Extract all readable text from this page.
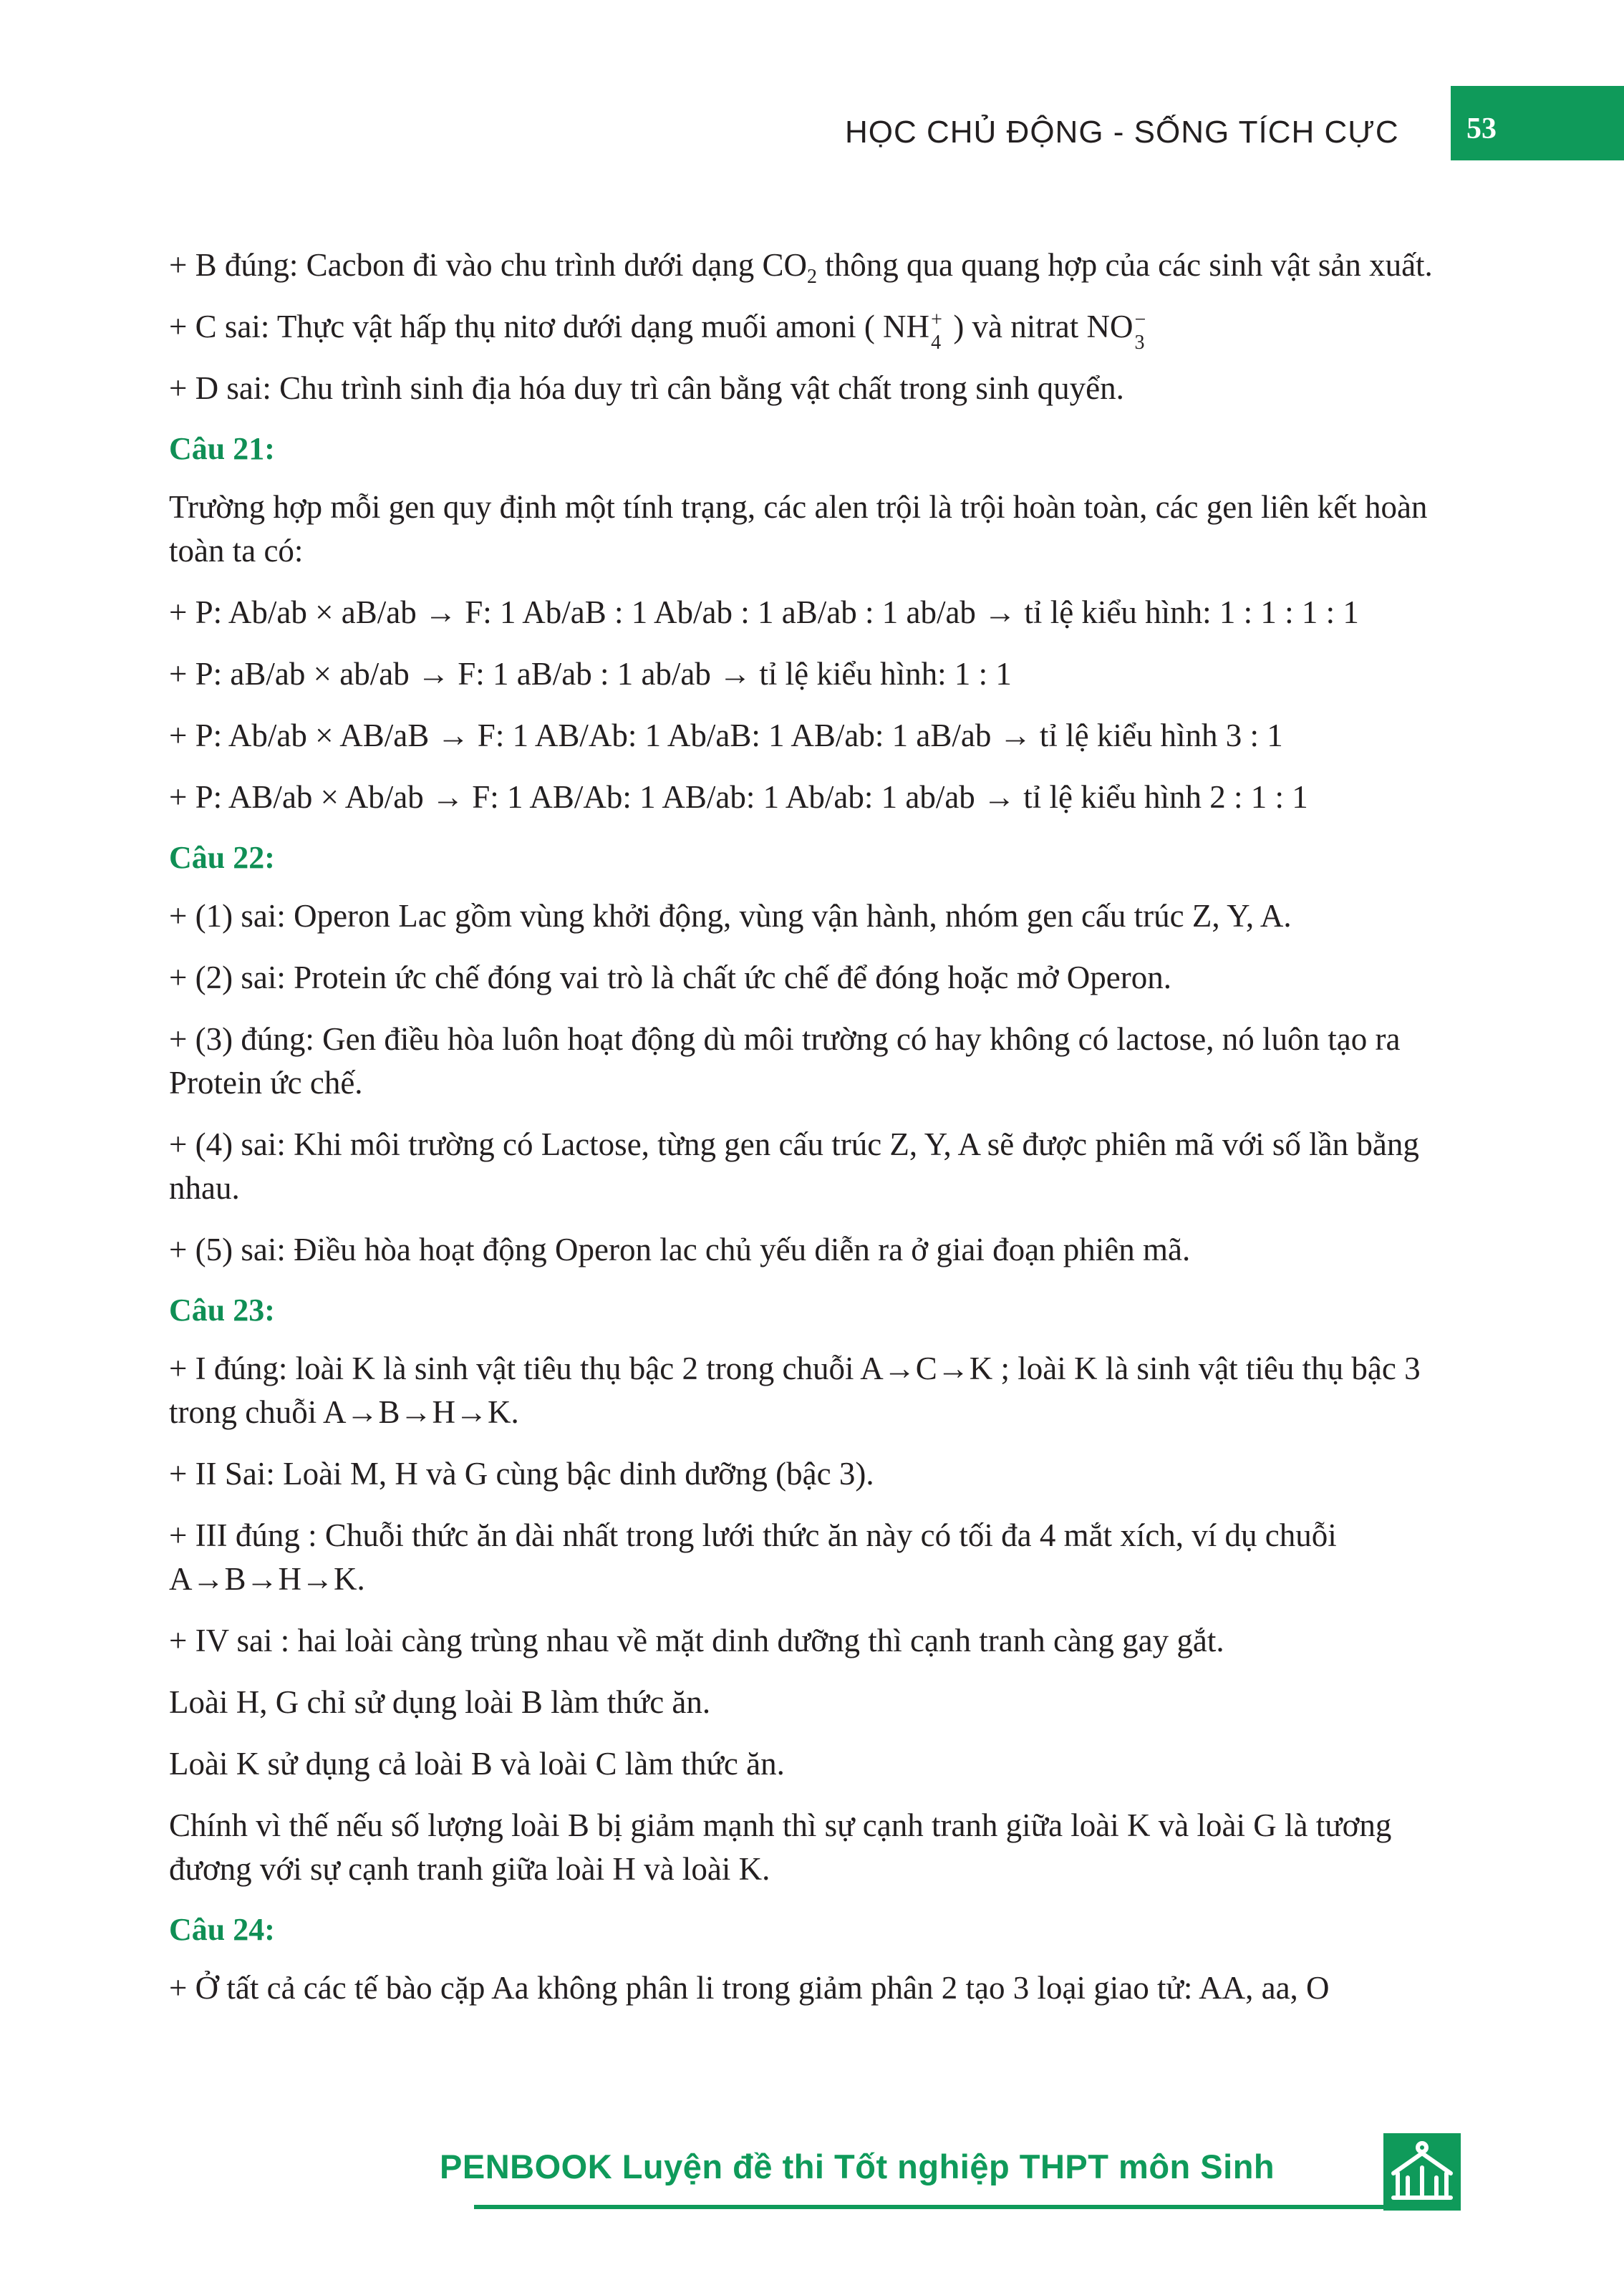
HỌC CHỦ ĐỘNG - SỐNG TÍCH CỰC	53

+ B đúng: Cacbon đi vào chu trình dưới dạng $CO_2$ thông qua quang hợp của các sinh vật sản xuất.

+ C sai: Thực vật hấp thụ nitơ dưới dạng muối amoni ( NH +
4 ) và nitrat NO −
3

+ D sai: Chu trình sinh địa hóa duy trì cân bằng vật chất trong sinh quyển.

Câu 21:

Trường hợp mỗi gen quy định một tính trạng, các alen trội là trội hoàn toàn, các gen liên kết hoàn toàn ta có:

+ P: Ab/ab × aB/ab → F: 1 Ab/aB : 1 Ab/ab : 1 aB/ab : 1 ab/ab → tỉ lệ kiểu hình: 1 : 1 : 1 : 1

+ P: aB/ab × ab/ab → F: 1 aB/ab : 1 ab/ab → tỉ lệ kiểu hình: 1 : 1

+ P: Ab/ab × AB/aB → F: 1 AB/Ab: 1 Ab/aB: 1 AB/ab: 1 aB/ab → tỉ lệ kiểu hình 3 : 1

+ P: AB/ab × Ab/ab → F: 1 AB/Ab: 1 AB/ab: 1 Ab/ab: 1 ab/ab → tỉ lệ kiểu hình 2 : 1 : 1

Câu 22:

+ (1) sai: Operon Lac gồm vùng khởi động, vùng vận hành, nhóm gen cấu trúc Z, Y, A.

+ (2) sai: Protein ức chế đóng vai trò là chất ức chế để đóng hoặc mở Operon.

+ (3) đúng: Gen điều hòa luôn hoạt động dù môi trường có hay không có lactose, nó luôn tạo ra Protein ức chế.

+ (4) sai: Khi môi trường có Lactose, từng gen cấu trúc Z, Y, A sẽ được phiên mã với số lần bằng nhau.

+ (5) sai: Điều hòa hoạt động Operon lac chủ yếu diễn ra ở giai đoạn phiên mã.

Câu 23:

+ I đúng: loài K là sinh vật tiêu thụ bậc 2 trong chuỗi A→C→K ; loài K là sinh vật tiêu thụ bậc 3 trong chuỗi A→B→H→K.

+ II Sai: Loài M, H và G cùng bậc dinh dưỡng (bậc 3).

+ III đúng : Chuỗi thức ăn dài nhất trong lưới thức ăn này có tối đa 4 mắt xích, ví dụ chuỗi A→B→H→K.

+ IV sai : hai loài càng trùng nhau về mặt dinh dưỡng thì cạnh tranh càng gay gắt.

Loài H, G chỉ sử dụng loài B làm thức ăn.

Loài K sử dụng cả loài B và loài C làm thức ăn.

Chính vì thế nếu số lượng loài B bị giảm mạnh thì sự cạnh tranh giữa loài K và loài G là tương đương với sự cạnh tranh giữa loài H và loài K.

Câu 24:

+ Ở tất cả các tế bào cặp Aa không phân li trong giảm phân 2 tạo 3 loại giao tử: AA, aa, O

PENBOOK Luyện đề thi Tốt nghiệp THPT môn Sinh
